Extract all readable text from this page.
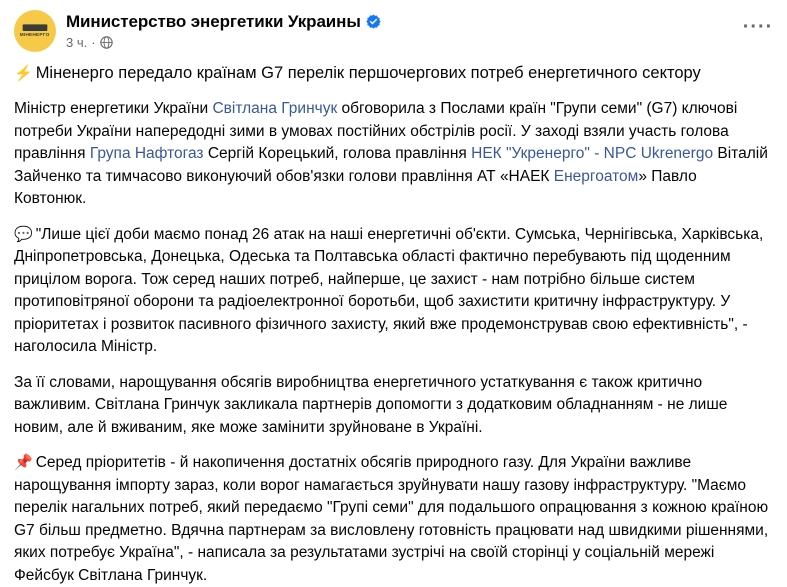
МІНЕНЕРГО
Министерство энергетики Украины
3 ч. ·
····

⚡ Міненерго передало країнам G7 перелік першочергових потреб енергетичного сектору

Міністр енергетики України Світлана Гринчук обговорила з Послами країн "Групи семи" (G7) ключові потреби України напередодні зими в умовах постійних обстрілів росії. У заході взяли участь голова правління Група Нафтогаз Сергій Корецький, голова правління НЕК "Укренерго" - NPC Ukrenergo Віталій Зайченко та тимчасово виконуючий обов'язки голови правління АТ «НАЕК Енергоатом» Павло Ковтонюк.

💬 "Лише цієї доби маємо понад 26 атак на наші енергетичні об'єкти. Сумська, Чернігівська, Харківська, Дніпропетровська, Донецька, Одеська та Полтавська області фактично перебувають під щоденним прицілом ворога. Тож серед наших потреб, найперше, це захист - нам потрібно більше систем протиповітряної оборони та радіоелектронної боротьби, щоб захистити критичну інфраструктуру. У пріоритетах і розвиток пасивного фізичного захисту, який вже продемонстрував свою ефективність", - наголосила Міністр.

За її словами, нарощування обсягів виробництва енергетичного устаткування є також критично важливим. Світлана Гринчук закликала партнерів допомогти з додатковим обладнанням - не лише новим, але й вживаним, яке може замінити зруйноване в Україні.

📌 Серед пріоритетів - й накопичення достатніх обсягів природного газу. Для України важливе нарощування імпорту зараз, коли ворог намагається зруйнувати нашу газову інфраструктуру. "Маємо перелік нагальних потреб, який передаємо "Групі семи" для подальшого опрацювання з кожною країною G7 більш предметно. Вдячна партнерам за висловлену готовність працювати над швидкими рішеннями, яких потребує Україна", - написала за результатами зустрічі на своїй сторінці у соціальній мережі Фейсбук Світлана Гринчук.
